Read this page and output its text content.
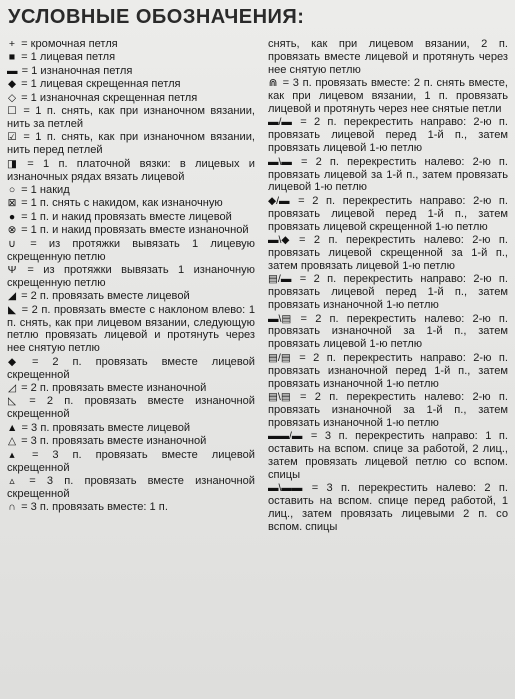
УСЛОВНЫЕ ОБОЗНАЧЕНИЯ:
+ = кромочная петля
■ = 1 лицевая петля
▬ = 1 изнаночная петля
◆ = 1 лицевая скрещенная петля
◇ = 1 изнаночная скрещенная петля
☐ = 1 п. снять, как при изнаночном вязании, нить за петлей
☑ = 1 п. снять, как при изнаночном вязании, нить перед петлей
◨ = 1 п. платочной вязки: в лицевых и изнаночных рядах вязать лицевой
○ = 1 накид
⊠ = 1 п. снять с накидом, как изнаночную
● = 1 п. и накид провязать вместе лицевой
⊗ = 1 п. и накид провязать вместе изнаночной
∪ = из протяжки вывязать 1 лицевую скрещенную петлю
Ψ = из протяжки вывязать 1 изнаночную скрещенную петлю
◢ = 2 п. провязать вместе лицевой
◣ = 2 п. провязать вместе с наклоном влево: 1 п. снять, как при лицевом вязании, следующую петлю провязать лицевой и протянуть через нее снятую петлю
◆ = 2 п. провязать вместе лицевой скрещенной
◿ = 2 п. провязать вместе изнаночной
◺ = 2 п. провязать вместе изнаночной скрещенной
▲ = 3 п. провязать вместе лицевой
△ = 3 п. провязать вместе изнаночной
▴ = 3 п. провязать вместе лицевой скрещенной
▵ = 3 п. провязать вместе изнаночной скрещенной
∩ = 3 п. провязать вместе: 1 п.
снять, как при лицевом вязании, 2 п. провязать вместе лицевой и протянуть через нее снятую петлю
⋒ = 3 п. провязать вместе: 2 п. снять вместе, как при лицевом вязании, 1 п. провязать лицевой и протянуть через нее снятые петли
▬/▬ = 2 п. перекрестить направо: 2-ю п. провязать лицевой перед 1-й п., затем провязать лицевой 1-ю петлю
▬\▬ = 2 п. перекрестить налево: 2-ю п. провязать лицевой за 1-й п., затем провязать лицевой 1-ю петлю
◆/▬ = 2 п. перекрестить направо: 2-ю п. провязать лицевой перед 1-й п., затем провязать лицевой скрещенной 1-ю петлю
▬\◆ = 2 п. перекрестить налево: 2-ю п. провязать лицевой скрещенной за 1-й п., затем провязать лицевой 1-ю петлю
▤/▬ = 2 п. перекрестить направо: 2-ю п. провязать лицевой перед 1-й п., затем провязать изнаночной 1-ю петлю
▬\▤ = 2 п. перекрестить налево: 2-ю п. провязать изнаночной за 1-й п., затем провязать лицевой 1-ю петлю
▤/▤ = 2 п. перекрестить направо: 2-ю п. провязать изнаночной перед 1-й п., затем провязать изнаночной 1-ю петлю
▤\▤ = 2 п. перекрестить налево: 2-ю п. провязать изнаночной за 1-й п., затем провязать изнаночной 1-ю петлю
▬▬/▬ = 3 п. перекрестить направо: 1 п. оставить на вспом. спице за работой, 2 лиц., затем провязать лицевой петлю со вспом. спицы
▬\▬▬ = 3 п. перекрестить налево: 2 п. оставить на вспом. спице перед работой, 1 лиц., затем провязать лицевыми 2 п. со вспом. спицы
